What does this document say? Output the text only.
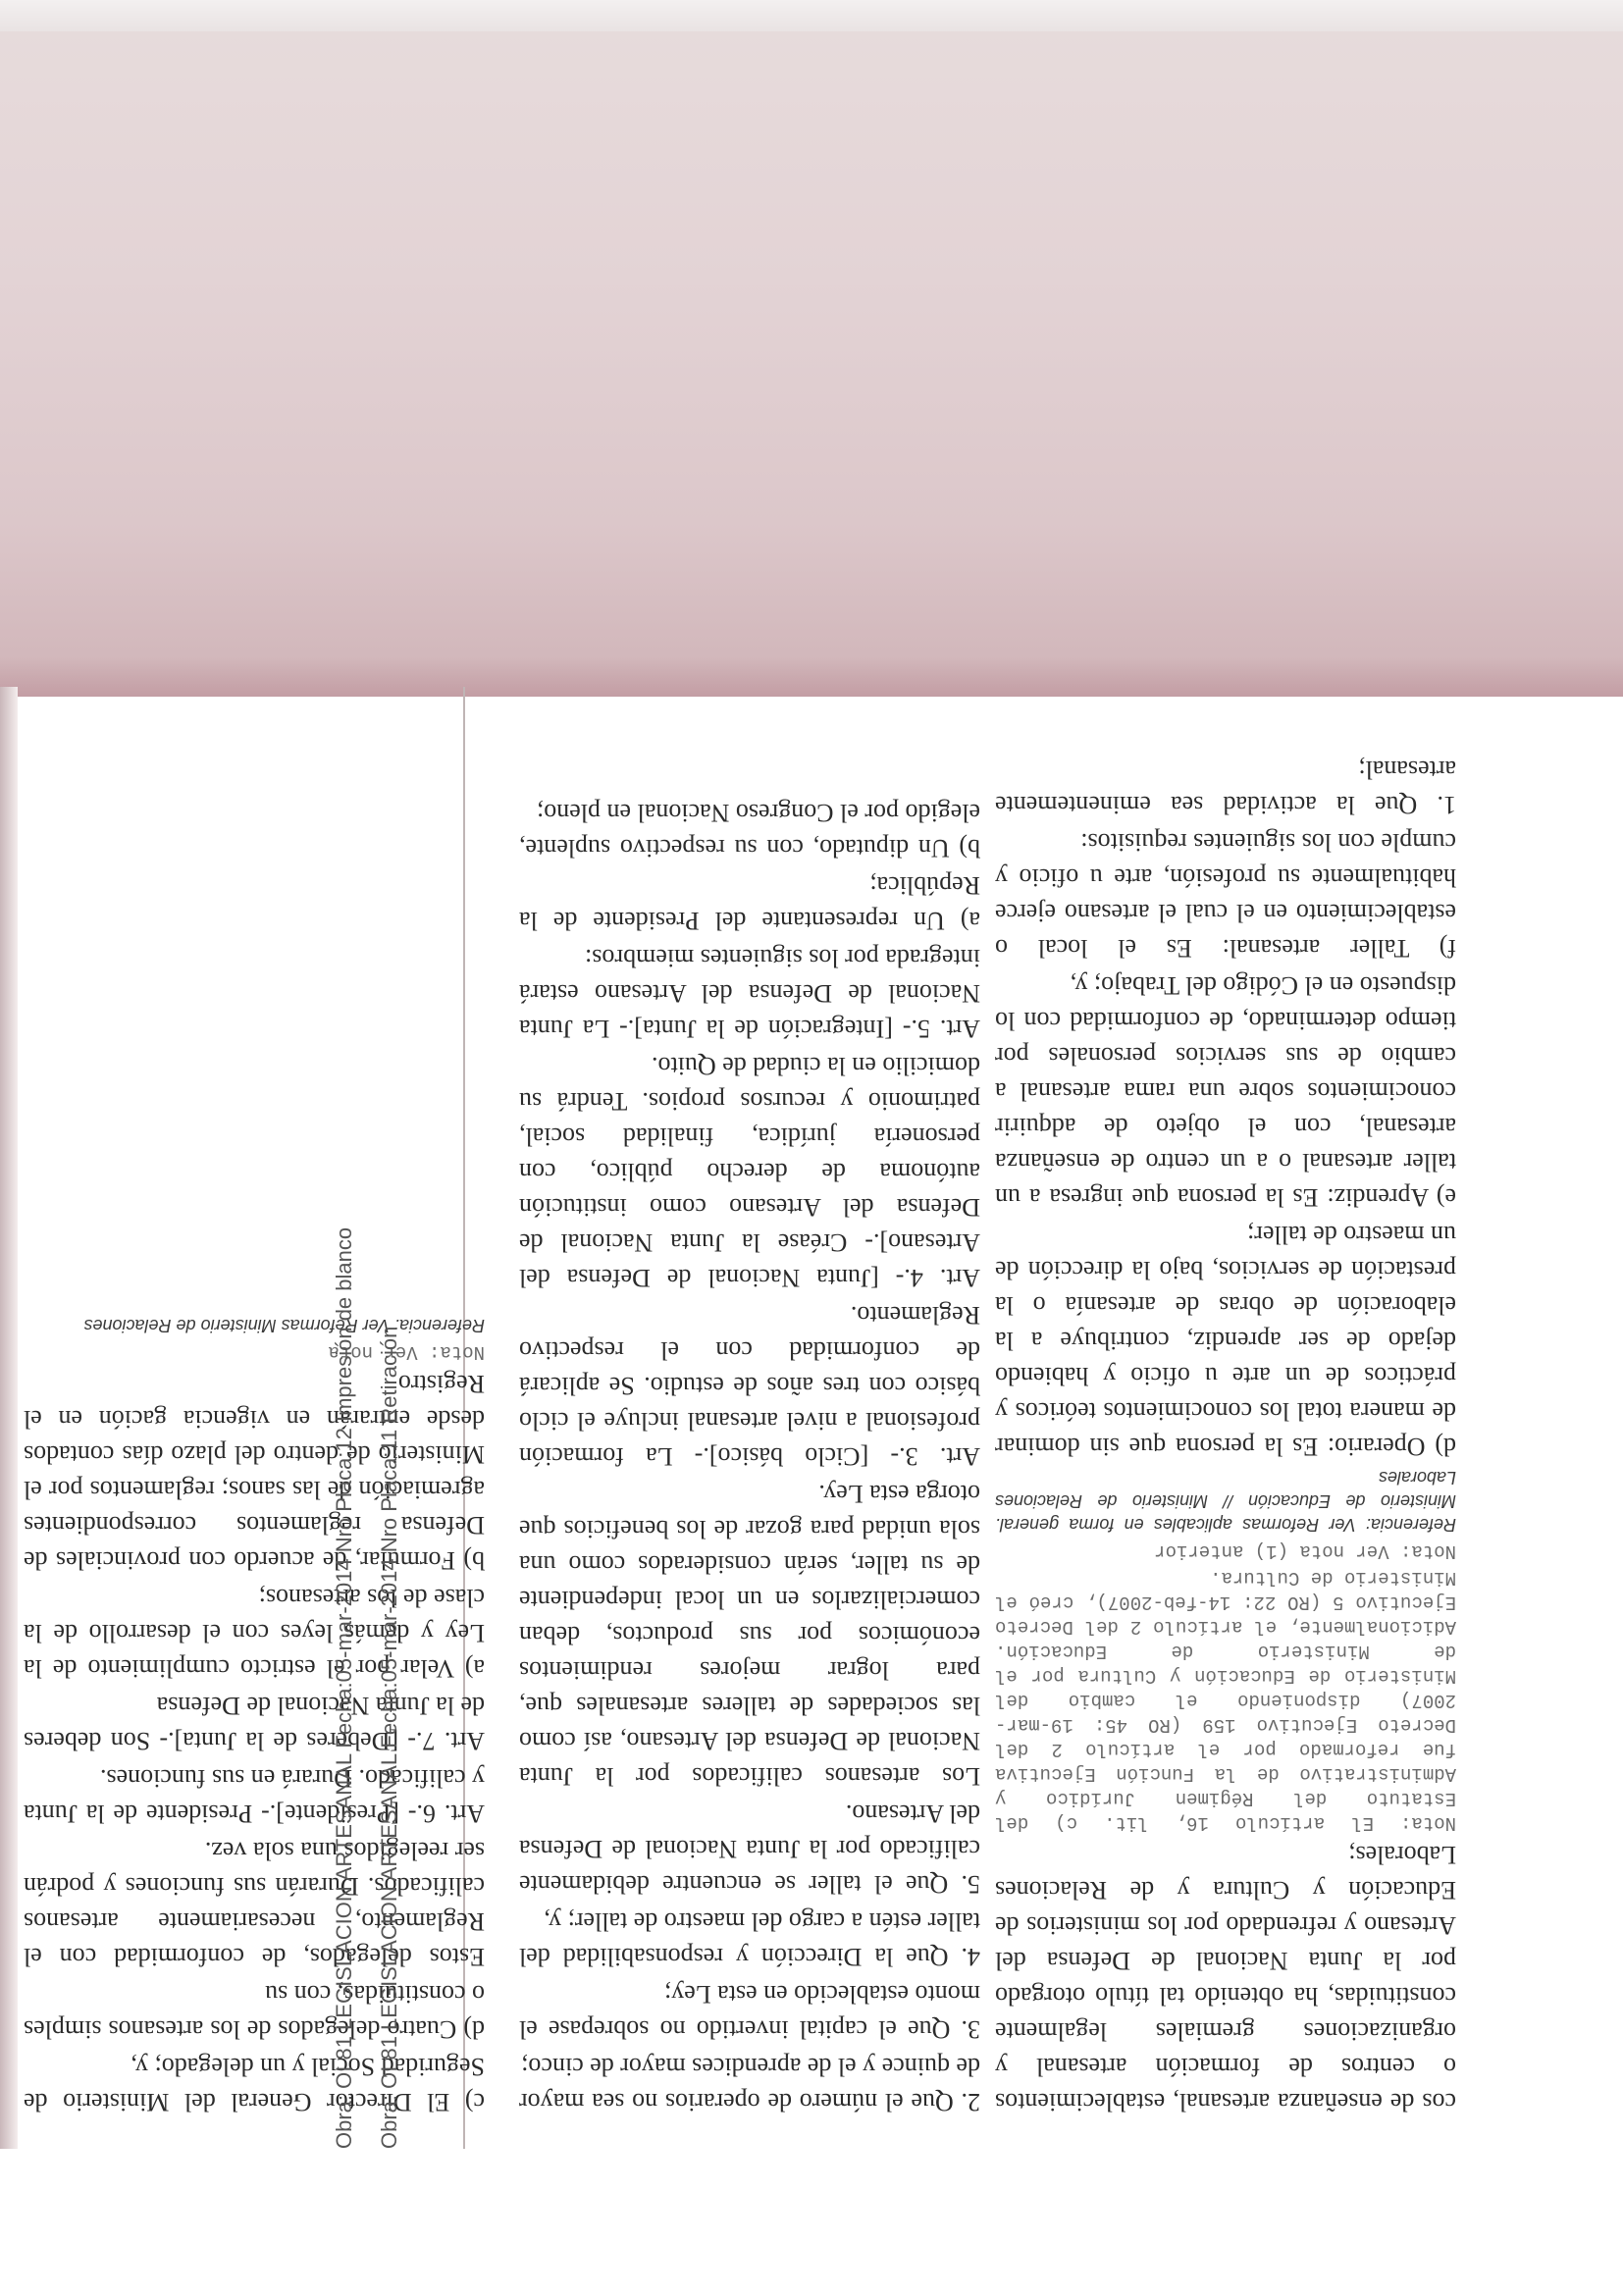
cos de enseñanza artesanal, establecimientos o centros de formación artesanal y organizaciones gremiales legalmente constituidas, ha obtenido tal título otorgado por la Junta Nacional de Defensa del Artesano y refrendado por los ministerios de Educación y Cultura y de Relaciones Laborales;

Nota: El artículo 16, lit. c) del Estatuto del Régimen Jurídico y Administrativo de la Función Ejecutiva fue reformado por el artículo 2 del Decreto Ejecutivo 159 (RO 45: 19-mar-2007) disponiendo el cambio del Ministerio de Educación y Cultura por el de Ministerio de Educación. Adicionalmente, el artículo 2 del Decreto Ejecutivo 5 (RO 22: 14-feb-2007), creó el Ministerio de Cultura.

Nota: Ver nota (1) anterior

Referencia: Ver Reformas aplicables en forma general. Ministerio de Educación // Ministerio de Relaciones Laborales

d) Operario: Es la persona que sin dominar de manera total los conocimientos teóricos y prácticos de un arte u oficio y habiendo dejado de ser aprendiz, contribuye a la elaboración de obras de artesanía o la prestación de servicios, bajo la dirección de un maestro de taller;

e) Aprendiz: Es la persona que ingresa a un taller artesanal o a un centro de enseñanza artesanal, con el objeto de adquirir conocimientos sobre una rama artesanal a cambio de sus servicios personales por tiempo determinado, de conformidad con lo dispuesto en el Código del Trabajo; y,

f) Taller artesanal: Es el local o establecimiento en el cual el artesano ejerce habitualmente su profesión, arte u oficio y cumple con los siguientes requisitos:

1. Que la actividad sea eminentemente artesanal;

2. Que el número de operarios no sea mayor de quince y el de aprendices mayor de cinco;

3. Que el capital invertido no sobrepase el monto establecido en esta Ley;

4. Que la Dirección y responsabilidad del taller estén a cargo del maestro de taller; y,

5. Que el taller se encuentre debidamente calificado por la Junta Nacional de Defensa del Artesano.

Los artesanos calificados por la Junta Nacional de Defensa del Artesano, así como las sociedades de talleres artesanales que, para lograr mejores rendimientos económicos por sus productos, deban comercializarlos en un local independiente de su taller, serán considerados como una sola unidad para gozar de los beneficios que otorga esta Ley.

Art. 3.- [Ciclo básico].- La formación profesional a nivel artesanal incluye el ciclo básico con tres años de estudio. Se aplicará de conformidad con el respectivo Reglamento.

Art. 4.- [Junta Nacional de Defensa del Artesano].- Créase la Junta Nacional de Defensa del Artesano como institución autónoma de derecho público, con personería jurídica, finalidad social, patrimonio y recursos propios. Tendrá su domicilio en la ciudad de Quito.

Art. 5.- [Integración de la Junta].- La Junta Nacional de Defensa del Artesano estará integrada por los siguientes miembros:

a) Un representante del Presidente de la República;

b) Un diputado, con su respectivo suplente, elegido por el Congreso Nacional en pleno;

c) El Director General del Ministerio de Seguridad Social y un delegado; y,

d) Cuatro delegados de los artesanos simples o constituidas, con su

Estos delegados, de conformidad con el Reglamento, necesariamente artesanos calificados. Durarán sus funciones y podrán ser reelegidos una sola vez.

Art. 6.- [Presidente].- Presidente de la Junta y calificado. Durará en sus funciones.

Art. 7.- [Deberes de la Junta].- Son deberes de la Junta Nacional de Defensa

a) Velar por el estricto cumplimiento de la Ley y demás leyes con el desarrollo de la clase de los artesanos;

b) Formular, de acuerdo con provinciales de Defensa reglamentos correspondientes agremiación de las sanos; reglamentos por el Ministerio de dentro del plazo días contados desde entrarán en vigencia gación en el Registro

Nota: Ver nota

Referencia: Ver Reformas Ministerio de Relaciones

Obra: OI 81 LEGISLACION ARTESANAL Fecha:05-mar-2014 Nro Placa:12 Impresión de blanco Obra: OI 81 LEGISLACION ARTESANAL Fecha:05-mar-2014 Nro Placa:11 Retiración
